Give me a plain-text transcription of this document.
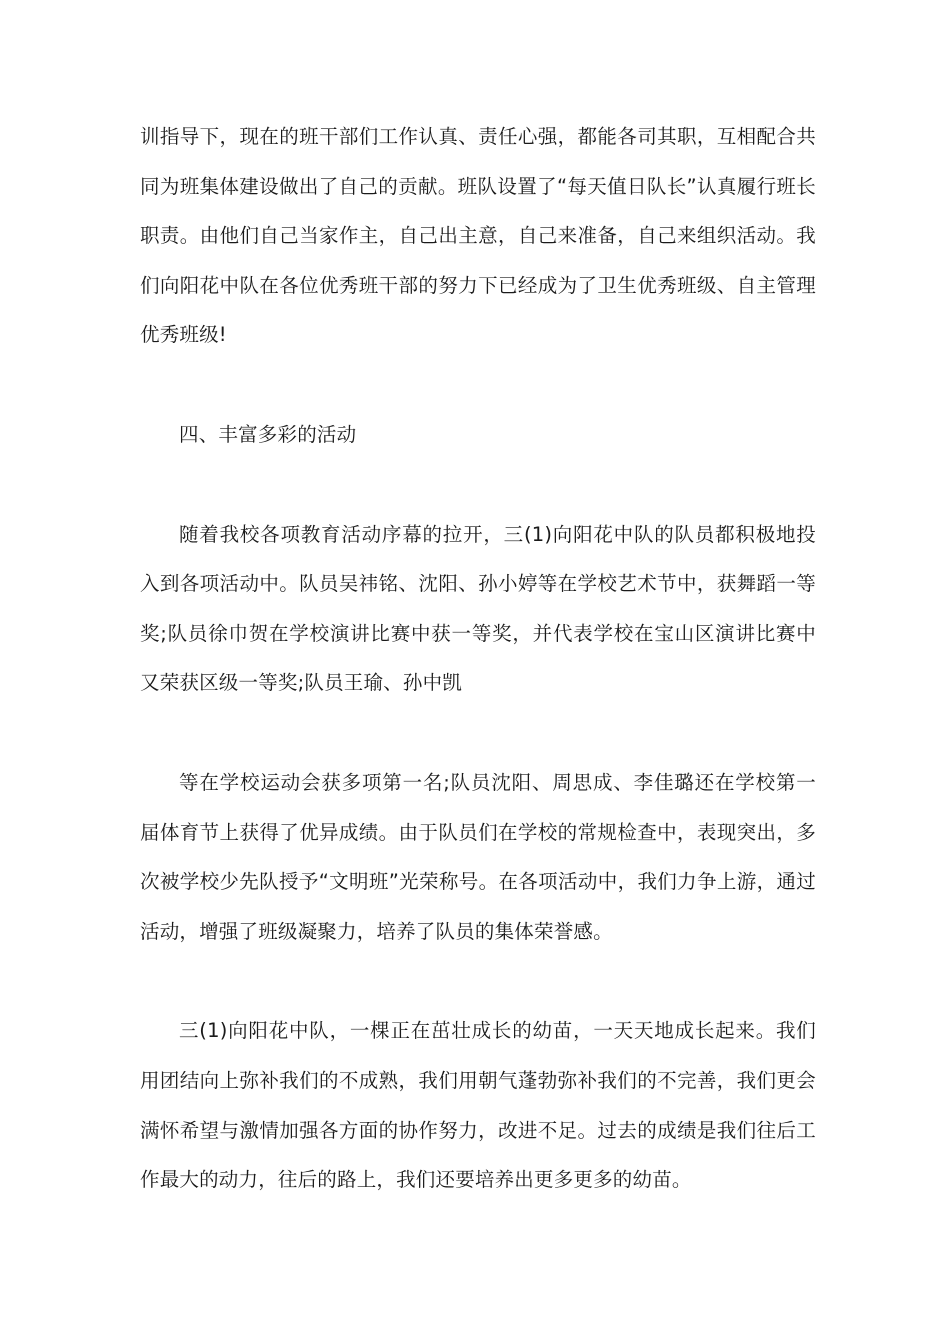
训指导下，现在的班干部们工作认真、责任心强，都能各司其职，互相配合共同为班集体建设做出了自己的贡献。班队设置了“每天值日队长”认真履行班长职责。由他们自己当家作主，自己出主意，自己来准备，自己来组织活动。我们向阳花中队在各位优秀班干部的努力下已经成为了卫生优秀班级、自主管理优秀班级!

四、丰富多彩的活动

随着我校各项教育活动序幕的拉开，三(1)向阳花中队的队员都积极地投入到各项活动中。队员吴祎铭、沈阳、孙小婷等在学校艺术节中，获舞蹈一等奖;队员徐巾贺在学校演讲比赛中获一等奖，并代表学校在宝山区演讲比赛中又荣获区级一等奖;队员王瑜、孙中凯

等在学校运动会获多项第一名;队员沈阳、周思成、李佳璐还在学校第一届体育节上获得了优异成绩。由于队员们在学校的常规检查中，表现突出，多次被学校少先队授予“文明班”光荣称号。在各项活动中，我们力争上游，通过活动，增强了班级凝聚力，培养了队员的集体荣誉感。

三(1)向阳花中队，一棵正在茁壮成长的幼苗，一天天地成长起来。我们用团结向上弥补我们的不成熟，我们用朝气蓬勃弥补我们的不完善，我们更会满怀希望与激情加强各方面的协作努力，改进不足。过去的成绩是我们往后工作最大的动力，往后的路上，我们还要培养出更多更多的幼苗。
